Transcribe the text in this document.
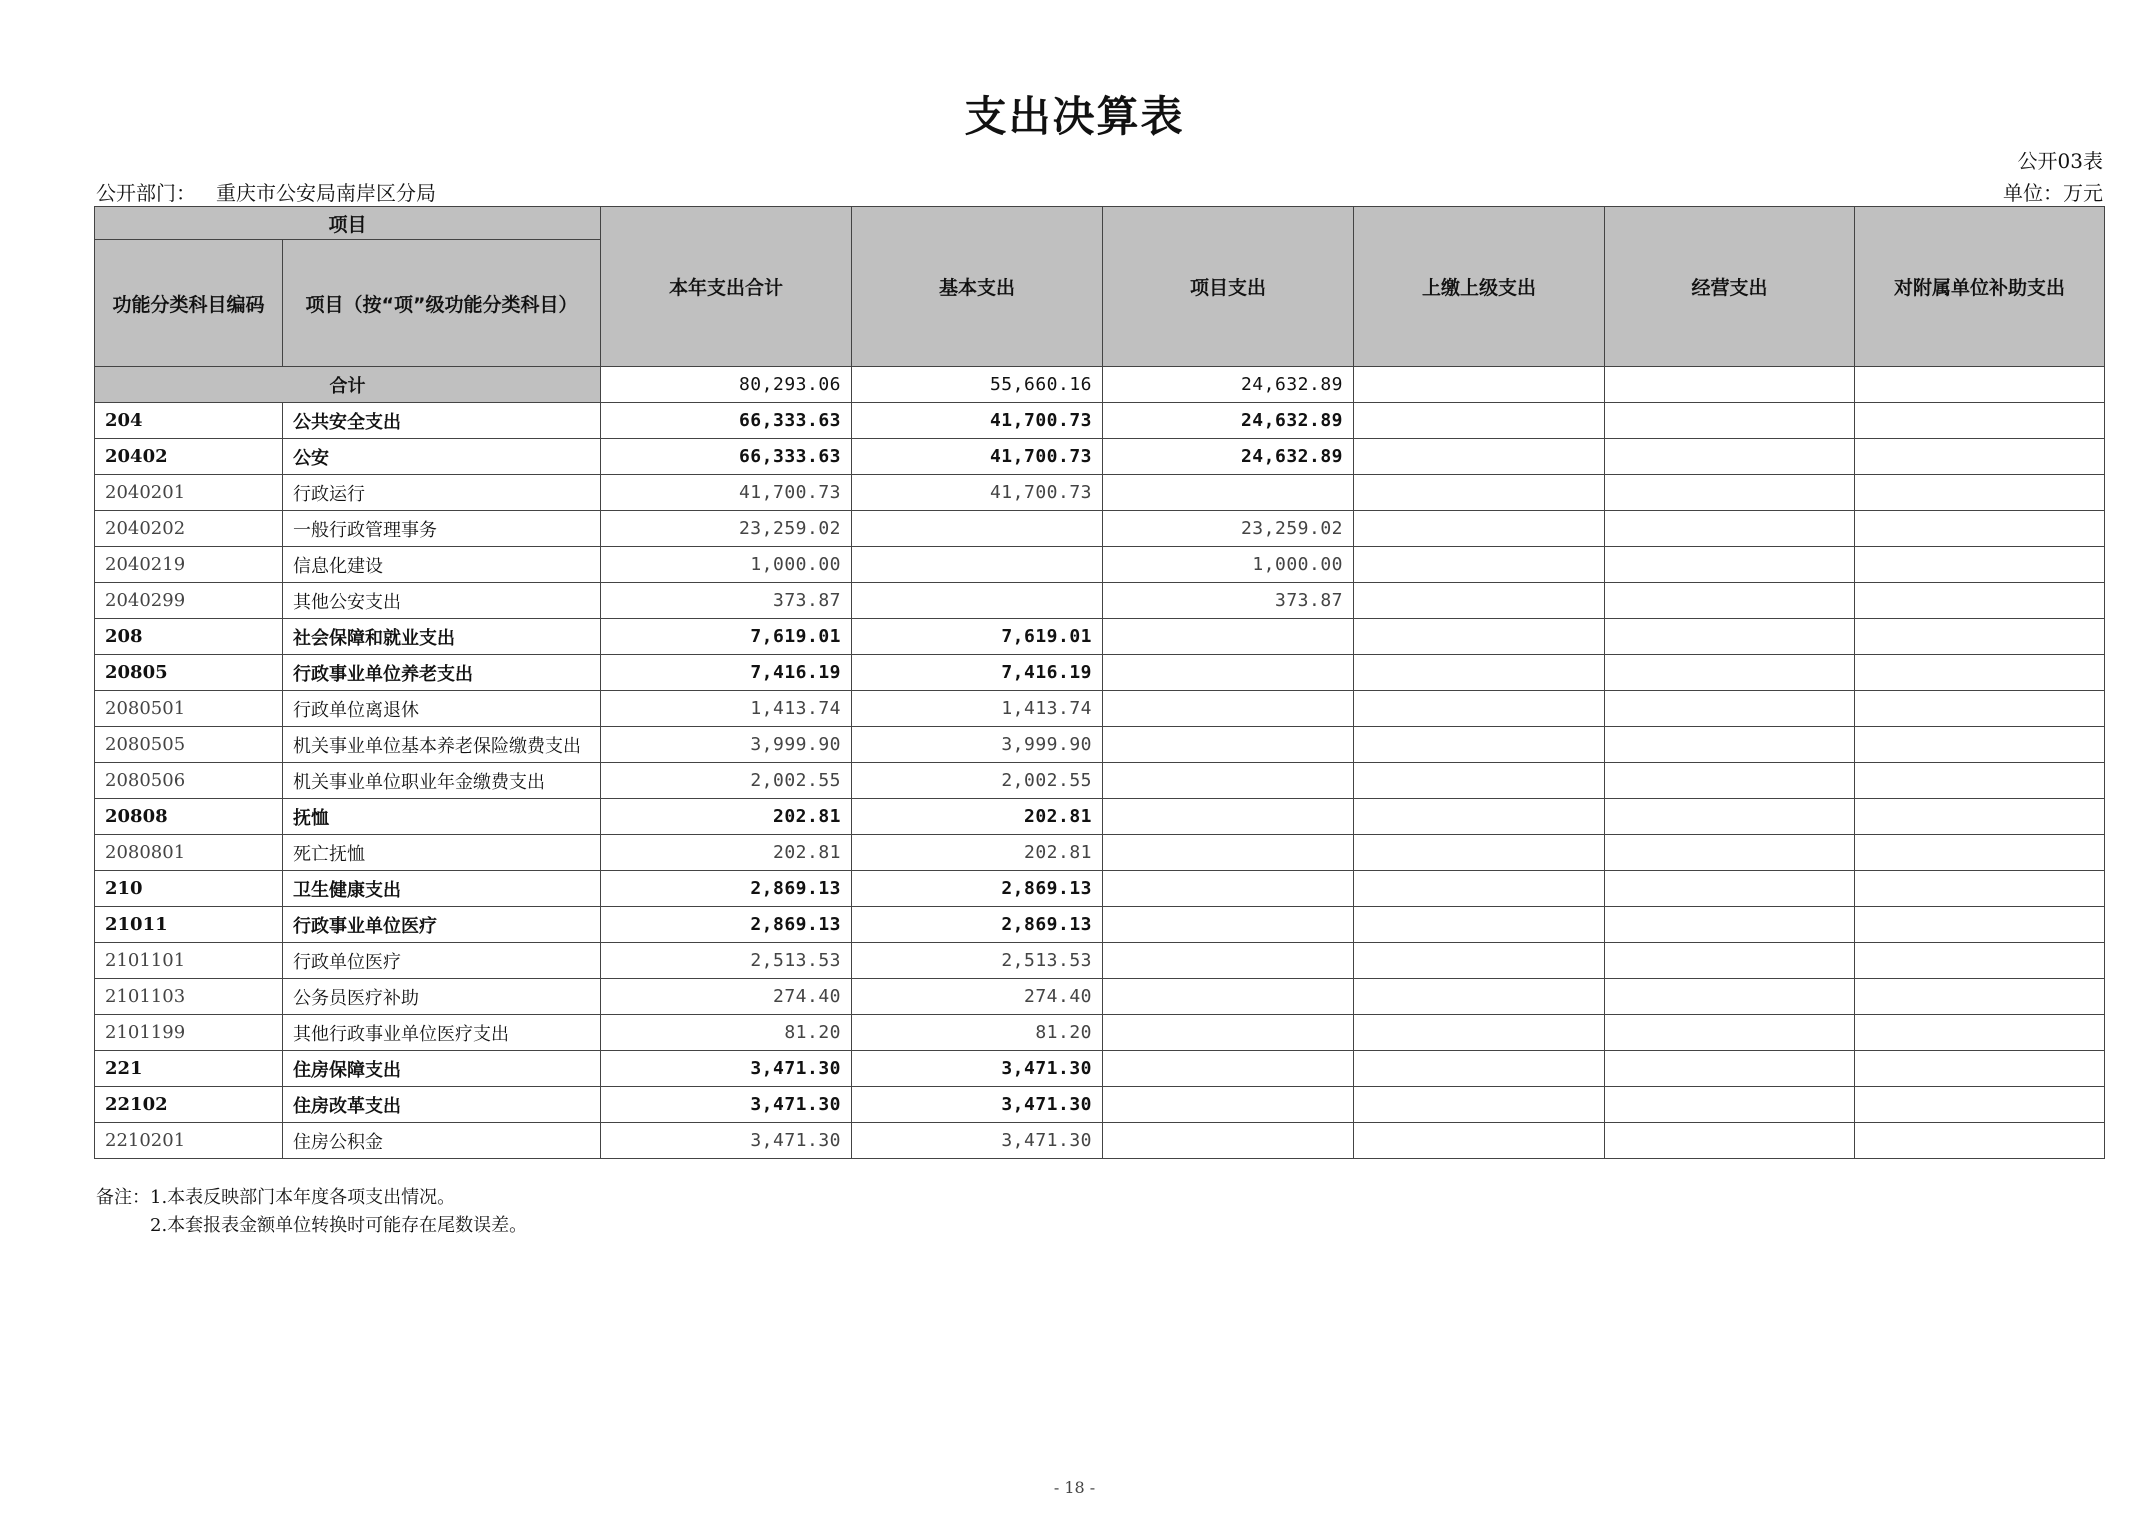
支出决算表
公开03表
公开部门： 重庆市公安局南岸区分局	单位：万元
项目		本年支出合计	基本支出	项目支出	上缴上级支出	经营支出	对附属单位补助支出
功能分类科目编码	项目（按“项”级功能分类科目）						
合计		80,293.06	55,660.16	24,632.89			
204	公共安全支出	66,333.63	41,700.73	24,632.89			
20402	公安	66,333.63	41,700.73	24,632.89			
2040201	行政运行	41,700.73	41,700.73				
2040202	一般行政管理事务	23,259.02		23,259.02			
2040219	信息化建设	1,000.00		1,000.00			
2040299	其他公安支出	373.87		373.87			
208	社会保障和就业支出	7,619.01	7,619.01				
20805	行政事业单位养老支出	7,416.19	7,416.19				
2080501	行政单位离退休	1,413.74	1,413.74				
2080505	机关事业单位基本养老保险缴费支出	3,999.90	3,999.90				
2080506	机关事业单位职业年金缴费支出	2,002.55	2,002.55				
20808	抚恤	202.81	202.81				
2080801	死亡抚恤	202.81	202.81				
210	卫生健康支出	2,869.13	2,869.13				
21011	行政事业单位医疗	2,869.13	2,869.13				
2101101	行政单位医疗	2,513.53	2,513.53				
2101103	公务员医疗补助	274.40	274.40				
2101199	其他行政事业单位医疗支出	81.20	81.20				
221	住房保障支出	3,471.30	3,471.30				
22102	住房改革支出	3,471.30	3,471.30				
2210201	住房公积金	3,471.30	3,471.30				
备注：1.本表反映部门本年度各项支出情况。
2.本套报表金额单位转换时可能存在尾数误差。
- 18 -
